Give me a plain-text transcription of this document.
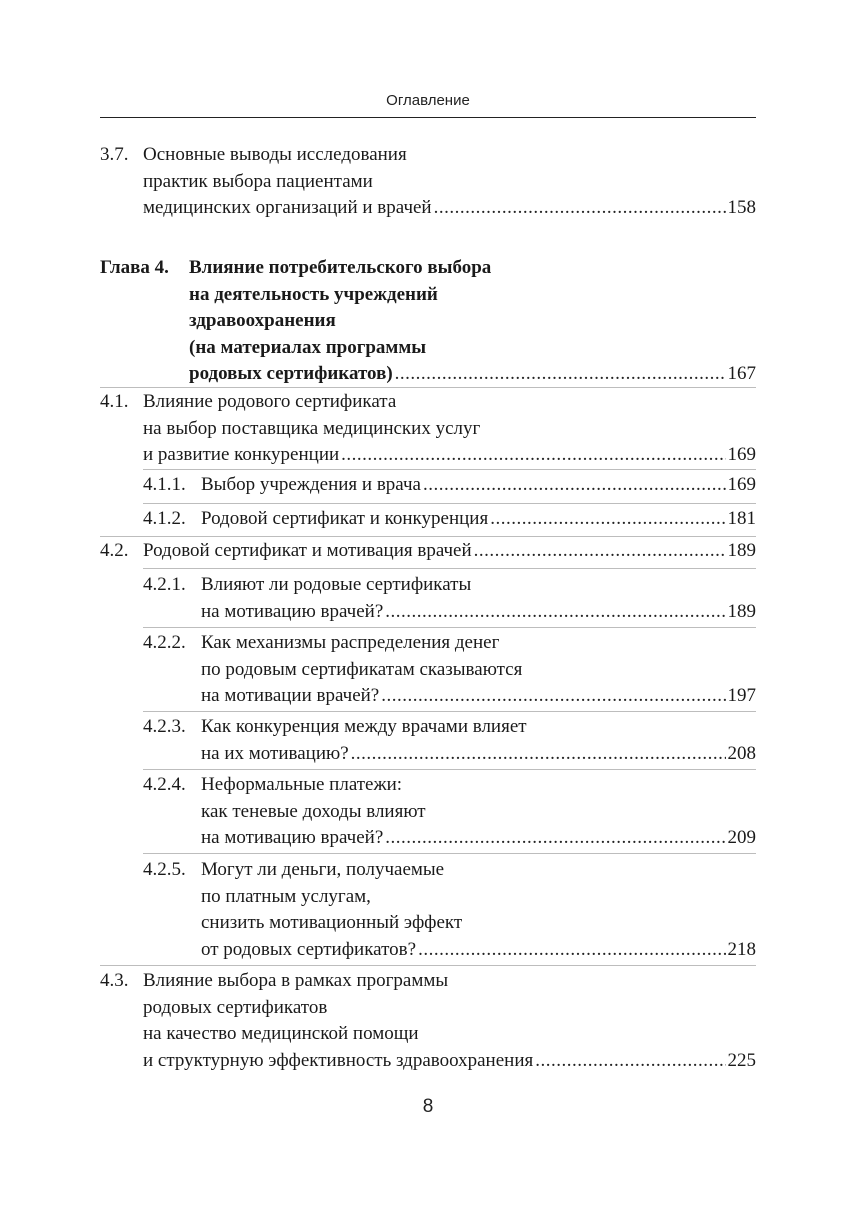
Оглавление
3.7. Основные выводы исследования
практик выбора пациентами
медицинских организаций и врачей .....	158
Глава 4. Влияние потребительского выбора
на деятельность учреждений
здравоохранения
(на материалах программы
родовых сертификатов) .....	167
4.1. Влияние родового сертификата
на выбор поставщика медицинских услуг
и развитие конкуренции .....	169
4.1.1. Выбор учреждения и врача .....	169
4.1.2. Родовой сертификат и конкуренция .....	181
4.2. Родовой сертификат и мотивация врачей .....	189
4.2.1. Влияют ли родовые сертификаты
на мотивацию врачей? .....	189
4.2.2. Как механизмы распределения денег
по родовым сертификатам сказываются
на мотивации врачей? .....	197
4.2.3. Как конкуренция между врачами влияет
на их мотивацию? .....	208
4.2.4. Неформальные платежи:
как теневые доходы влияют
на мотивацию врачей? .....	209
4.2.5. Могут ли деньги, получаемые
по платным услугам,
снизить мотивационный эффект
от родовых сертификатов? .....	218
4.3. Влияние выбора в рамках программы
родовых сертификатов
на качество медицинской помощи
и структурную эффективность здравоохранения .....	225
8
